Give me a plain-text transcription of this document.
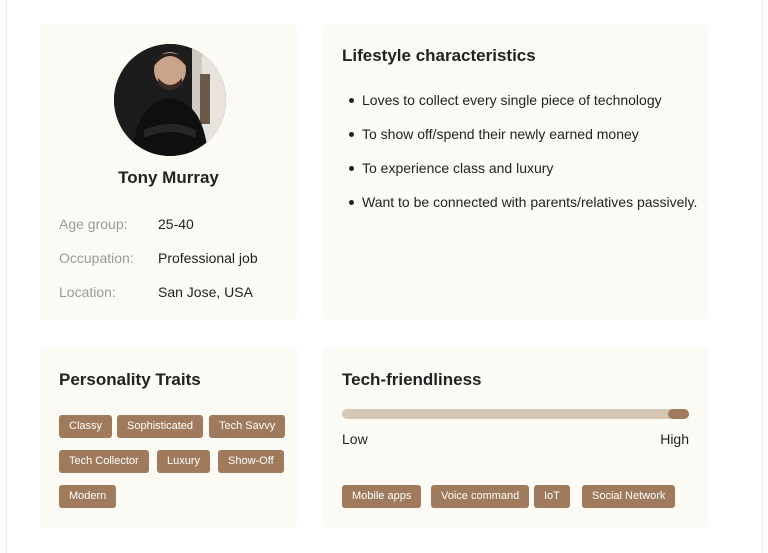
Tony Murray
Age group: 25-40
Occupation: Professional job
Location:	San Jose, USA
Lifestyle characteristics
Loves to collect every single piece of technology
To show off/spend their newly earned money
To experience class and luxury
Want to be connected with parents/relatives passively.
Personality Traits
Classy	Sophisticated	Tech Savvy
Tech Collector	Luxury	Show-Off
Modern
Tech-friendliness
Low	High
Mobile apps	Voice command	IoT	Social Network
